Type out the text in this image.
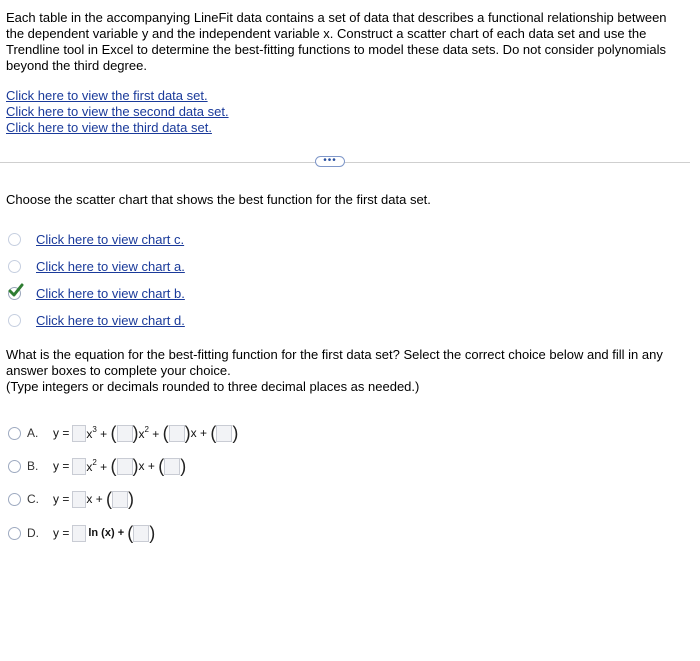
Each table in the accompanying LineFit data contains a set of data that describes a functional relationship between the dependent variable y and the independent variable x. Construct a scatter chart of each data set and use the Trendline tool in Excel to determine the best-fitting functions to model these data sets. Do not consider polynomials beyond the third degree.
Click here to view the first data set.
Click here to view the second data set.
Click here to view the third data set.
•••
Choose the scatter chart that shows the best function for the first data set.
Click here to view chart c.
Click here to view chart a.
Click here to view chart b.
Click here to view chart d.
What is the equation for the best-fitting function for the first data set? Select the correct choice below and fill in any answer boxes to complete your choice.
(Type integers or decimals rounded to three decimal places as needed.)
A.	$y = x^3$ + ( ) $x^2$ + ( ) x + ( )
B.	$y = x^2$ + ( ) x + ( )
C.	y = x + ( )
D.	y = ln (x) + ( )
